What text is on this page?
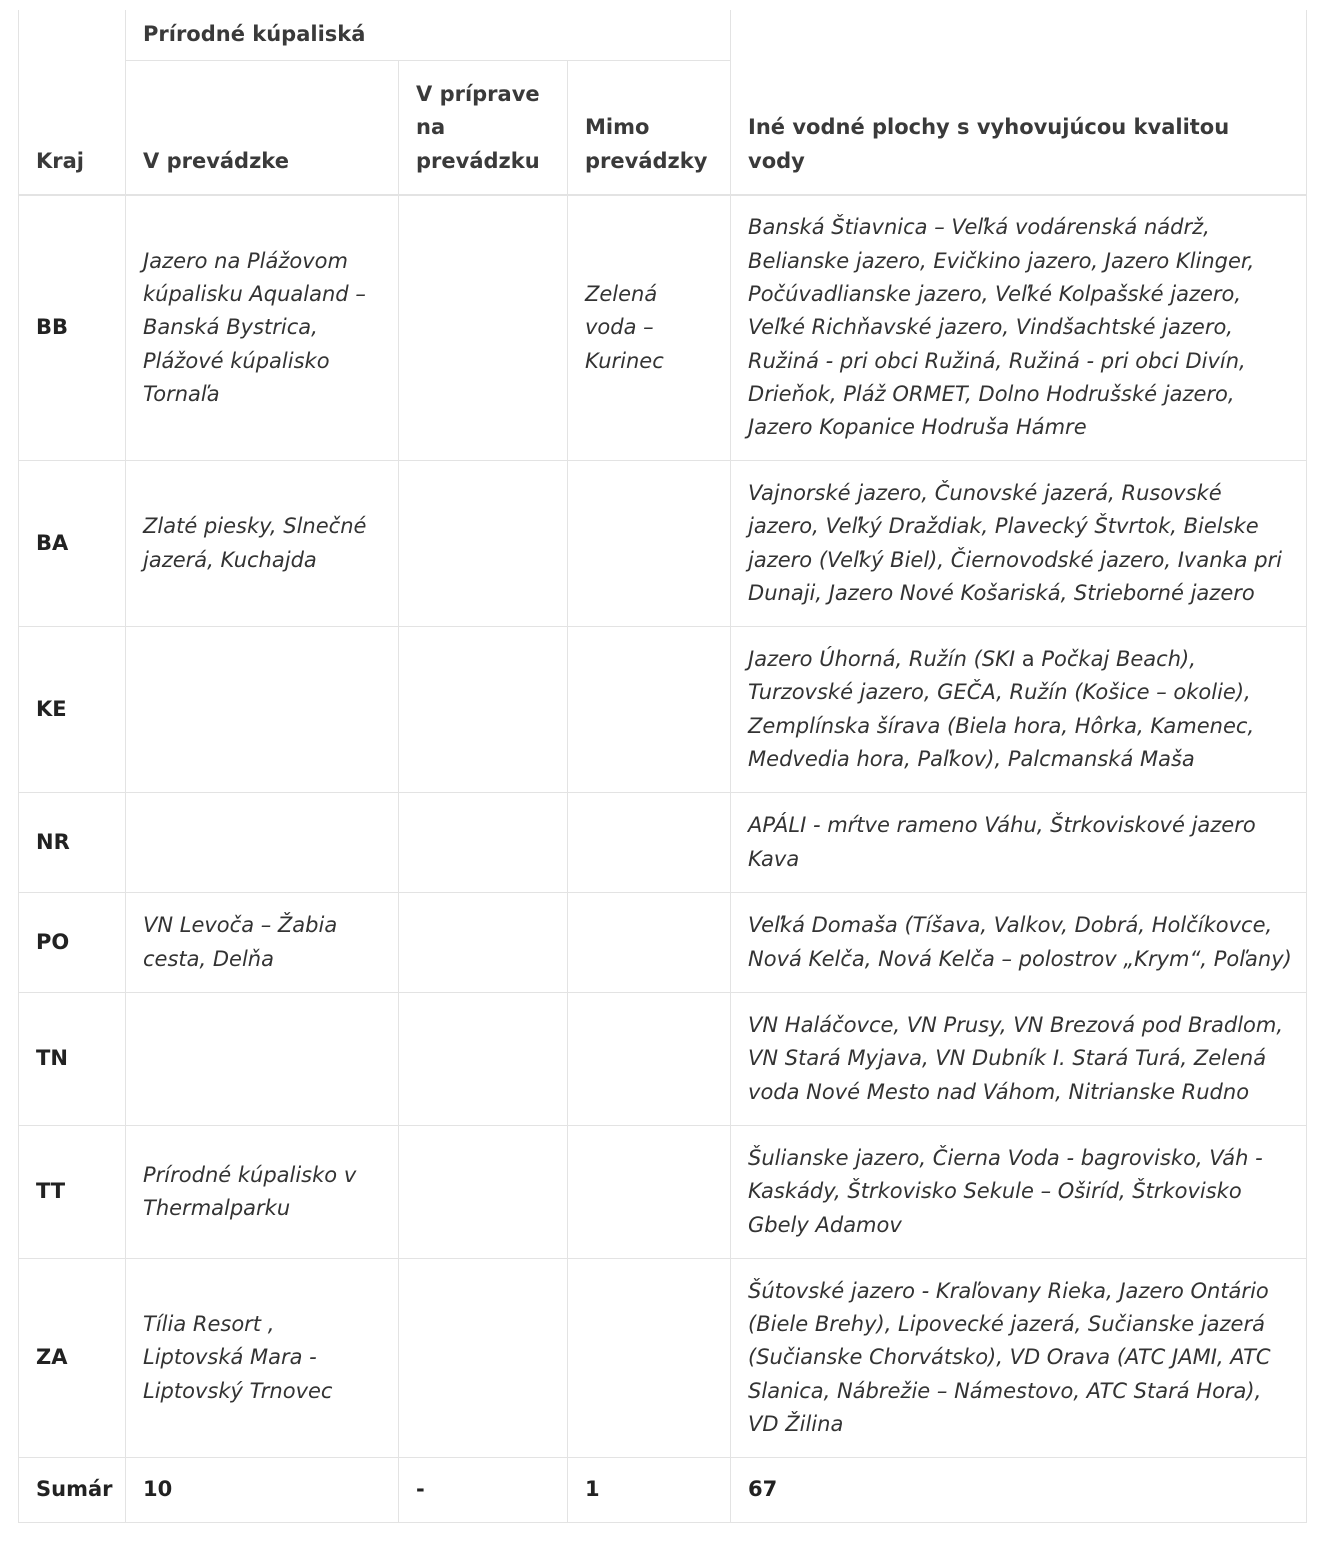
Kraj	Prírodné kúpaliská			Iné vodné plochy s vyhovujúcou kvalitou vody
	V prevádzke	V príprave na prevádzku	Mimo prevádzky	
BB	Jazero na Plážovom kúpalisku Aqualand – Banská Bystrica, Plážové kúpalisko Tornaľa		Zelená voda – Kurinec	Banská Štiavnica – Veľká vodárenská nádrž, Belianske jazero, Evičkino jazero, Jazero Klinger, Počúvadlianske jazero, Veľké Kolpašské jazero, Veľké Richňavské jazero, Vindšachtské jazero, Ružiná - pri obci Ružiná, Ružiná - pri obci Divín, Drieňok, Pláž ORMET, Dolno Hodrušské jazero, Jazero Kopanice Hodruša Hámre
BA	Zlaté piesky, Slnečné jazerá, Kuchajda			Vajnorské jazero, Čunovské jazerá, Rusovské jazero, Veľký Draždiak, Plavecký Štvrtok, Bielske jazero (Veľký Biel), Čiernovodské jazero, Ivanka pri Dunaji, Jazero Nové Košariská, Strieborné jazero
KE				Jazero Úhorná, Ružín (SKI a Počkaj Beach), Turzovské jazero, GEČA, Ružín (Košice – okolie), Zemplínska šírava (Biela hora, Hôrka, Kamenec, Medvedia hora, Paľkov), Palcmanská Maša
NR				APÁLI - mŕtve rameno Váhu, Štrkoviskové jazero Kava
PO	VN Levoča – Žabia cesta, Delňa			Veľká Domaša (Tíšava, Valkov, Dobrá, Holčíkovce, Nová Kelča, Nová Kelča – polostrov „Krym“, Poľany)
TN				VN Haláčovce, VN Prusy, VN Brezová pod Bradlom, VN Stará Myjava, VN Dubník I. Stará Turá, Zelená voda Nové Mesto nad Váhom, Nitrianske Rudno
TT	Prírodné kúpalisko v Thermalparku			Šulianske jazero, Čierna Voda - bagrovisko, Váh - Kaskády, Štrkovisko Sekule – Oširíd, Štrkovisko Gbely Adamov
ZA	Tília Resort , Liptovská Mara - Liptovský Trnovec			Šútovské jazero - Kraľovany Rieka, Jazero Ontário (Biele Brehy), Lipovecké jazerá, Sučianske jazerá (Sučianske Chorvátsko), VD Orava (ATC JAMI, ATC Slanica, Nábrežie – Námestovo, ATC Stará Hora), VD Žilina
Sumár	10	-	1	67
